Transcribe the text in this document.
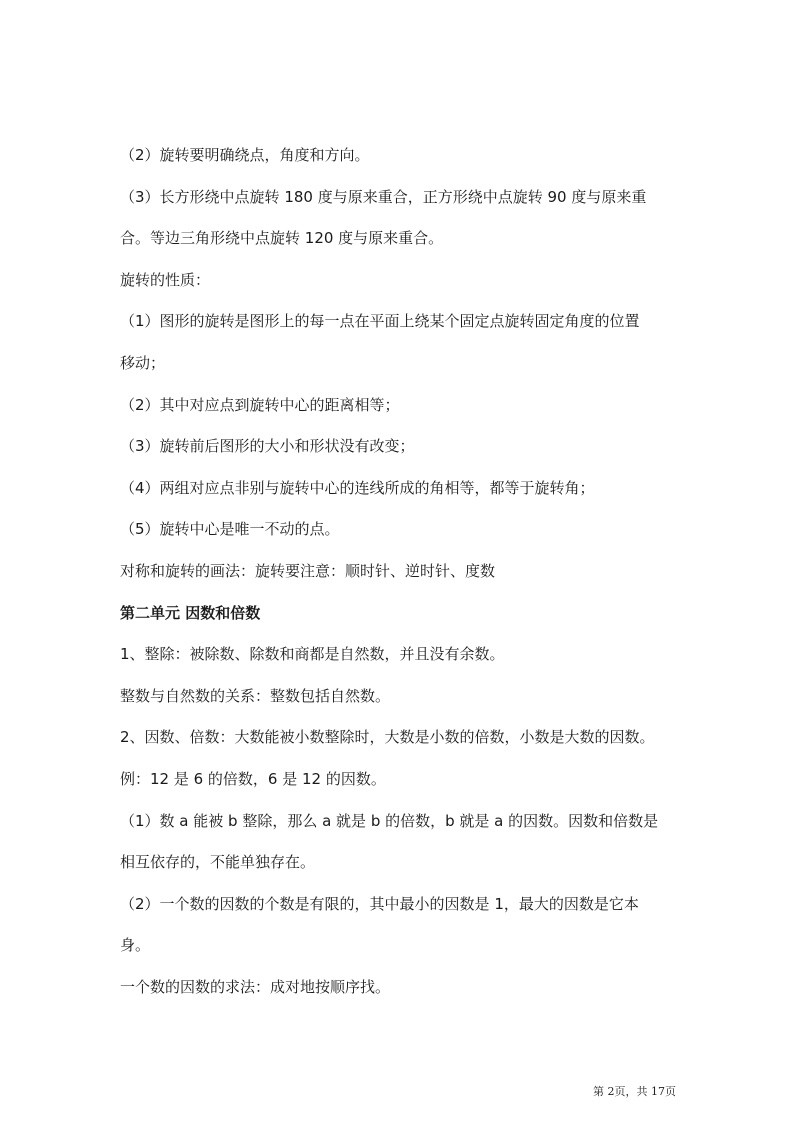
（2）旋转要明确绕点，角度和方向。
（3）长方形绕中点旋转 180 度与原来重合，正方形绕中点旋转 90 度与原来重
合。等边三角形绕中点旋转 120 度与原来重合。
旋转的性质：
（1）图形的旋转是图形上的每一点在平面上绕某个固定点旋转固定角度的位置
移动；
（2）其中对应点到旋转中心的距离相等；
（3）旋转前后图形的大小和形状没有改变；
（4）两组对应点非别与旋转中心的连线所成的角相等，都等于旋转角；
（5）旋转中心是唯一不动的点。
对称和旋转的画法：旋转要注意：顺时针、逆时针、度数
第二单元 因数和倍数
1、整除：被除数、除数和商都是自然数，并且没有余数。
整数与自然数的关系：整数包括自然数。
2、因数、倍数：大数能被小数整除时，大数是小数的倍数，小数是大数的因数。
例：12 是 6 的倍数，6 是 12 的因数。
（1）数 a 能被 b 整除，那么 a 就是 b 的倍数，b 就是 a 的因数。因数和倍数是
相互依存的，不能单独存在。
（2）一个数的因数的个数是有限的，其中最小的因数是 1，最大的因数是它本
身。
一个数的因数的求法：成对地按顺序找。
第 2页，共 17页
